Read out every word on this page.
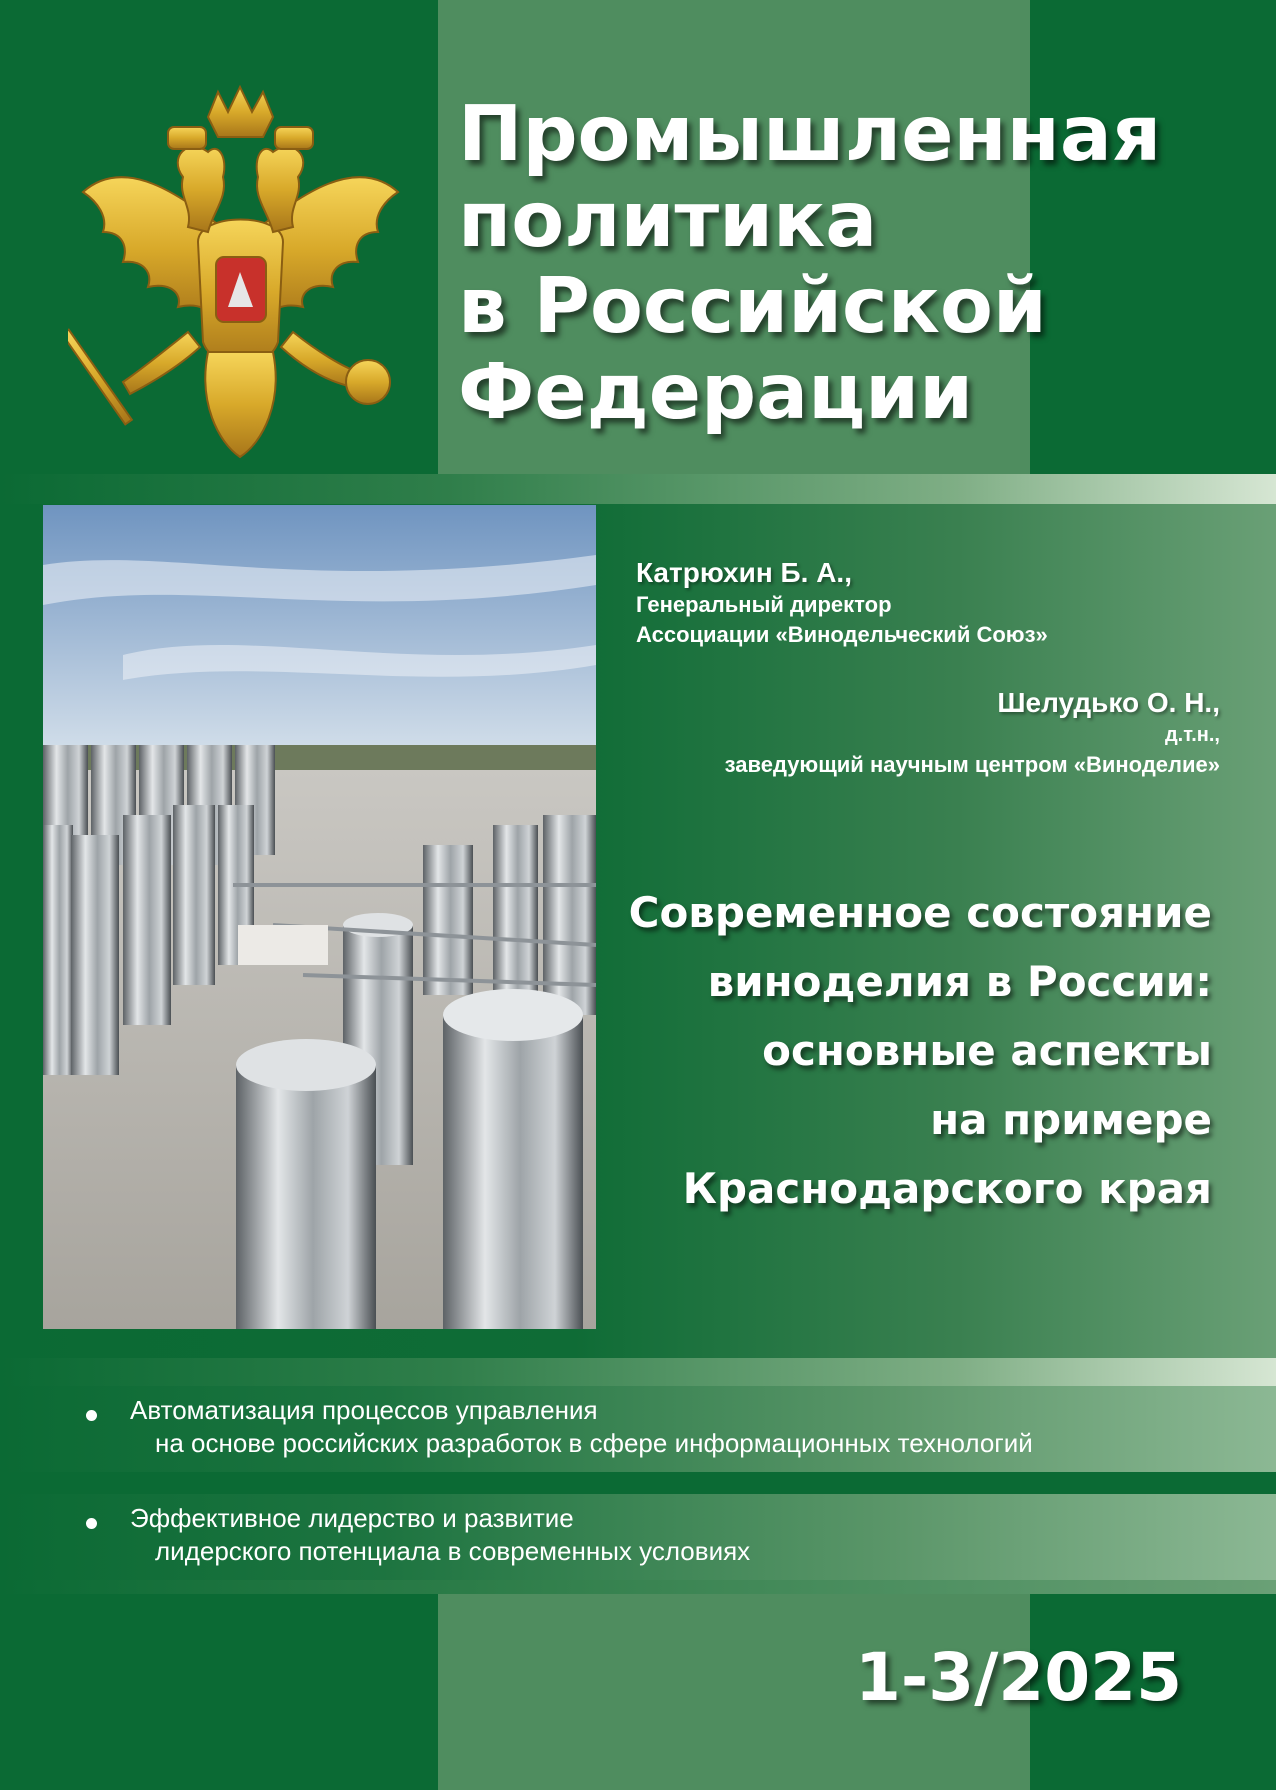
Промышленная
политика
в Российской
Федерации
Катрюхин Б. А.,
Генеральный директор
Ассоциации «Винодельческий Союз»
Шелудько О. Н.,
д.т.н.,
заведующий научным центром «Виноделие»
Современное состояние
виноделия в России:
основные аспекты
на примере
Краснодарского края
Автоматизация процессов управления
на основе российских разработок в сфере информационных технологий
Эффективное лидерство и развитие
лидерского потенциала в современных условиях
1-3/2025
